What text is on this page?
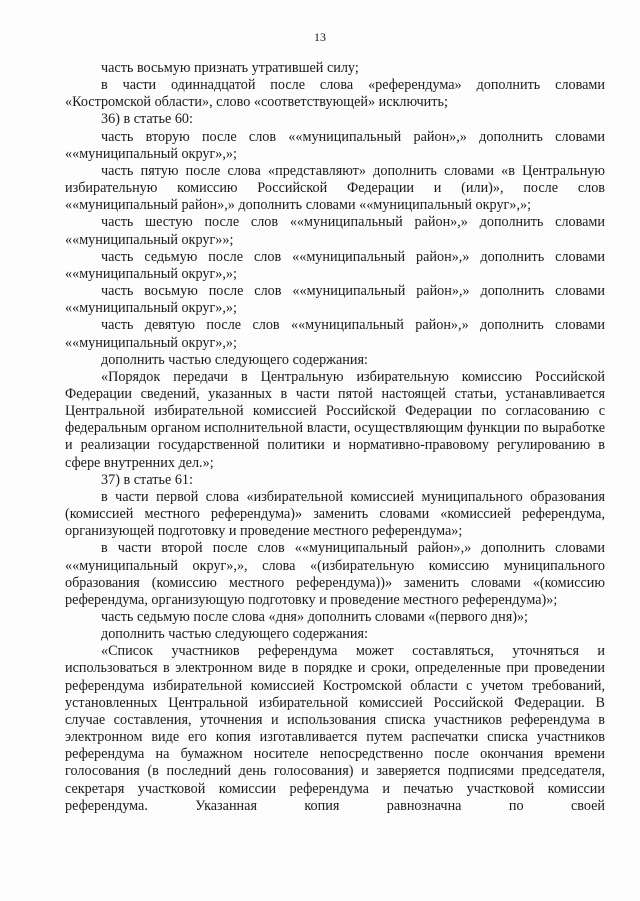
13

часть восьмую признать утратившей силу;

в части одиннадцатой после слова «референдума» дополнить словами «Костромской области», слово «соответствующей» исключить;

36) в статье 60:

часть вторую после слов ««муниципальный район»,» дополнить словами ««муниципальный округ»,»;

часть пятую после слова «представляют» дополнить словами «в Центральную избирательную комиссию Российской Федерации и (или)», после слов ««муниципальный район»,» дополнить словами ««муниципальный округ»,»;

часть шестую после слов ««муниципальный район»,» дополнить словами ««муниципальный округ»»;

часть седьмую после слов ««муниципальный район»,» дополнить словами ««муниципальный округ»,»;

часть восьмую после слов ««муниципальный район»,» дополнить словами ««муниципальный округ»,»;

часть девятую после слов ««муниципальный район»,» дополнить словами ««муниципальный округ»,»;

дополнить частью следующего содержания:

«Порядок передачи в Центральную избирательную комиссию Российской Федерации сведений, указанных в части пятой настоящей статьи, устанавливается Центральной избирательной комиссией Российской Федерации по согласованию с федеральным органом исполнительной власти, осуществляющим функции по выработке и реализации государственной политики и нормативно-правовому регулированию в сфере внутренних дел.»;

37) в статье 61:

в части первой слова «избирательной комиссией муниципального образования (комиссией местного референдума)» заменить словами «комиссией референдума, организующей подготовку и проведение местного референдума»;

в части второй после слов ««муниципальный район»,» дополнить словами ««муниципальный округ»,», слова «(избирательную комиссию муниципального образования (комиссию местного референдума))» заменить словами «(комиссию референдума, организующую подготовку и проведение местного референдума)»;

часть седьмую после слова «дня» дополнить словами «(первого дня)»;

дополнить частью следующего содержания:

«Список участников референдума может составляться, уточняться и использоваться в электронном виде в порядке и сроки, определенные при проведении референдума избирательной комиссией Костромской области с учетом требований, установленных Центральной избирательной комиссией Российской Федерации. В случае составления, уточнения и использования списка участников референдума в электронном виде его копия изготавливается путем распечатки списка участников референдума на бумажном носителе непосредственно после окончания времени голосования (в последний день голосования) и заверяется подписями председателя, секретаря участковой комиссии референдума и печатью участковой комиссии референдума. Указанная копия равнозначна по своей
